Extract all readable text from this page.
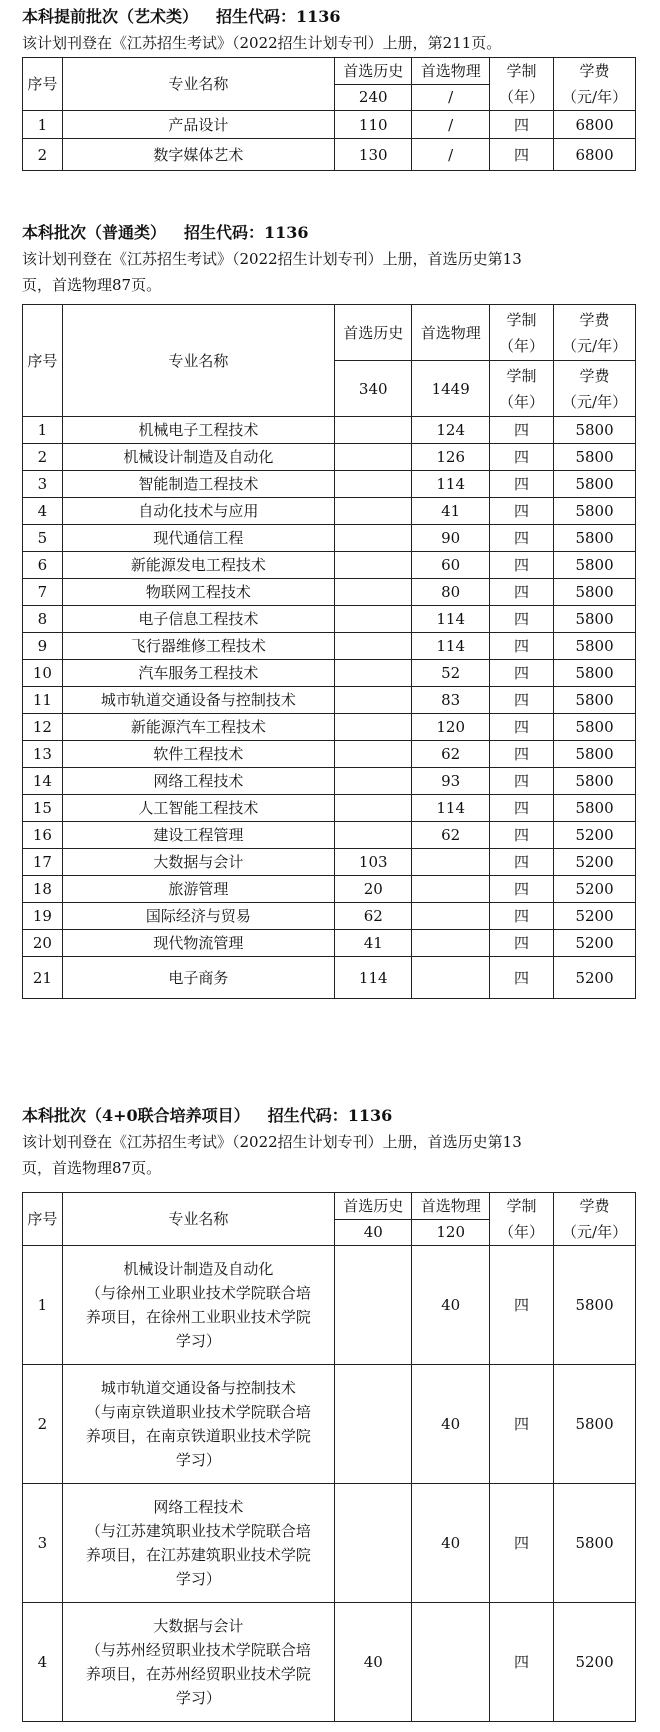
本科提前批次（艺术类） 招生代码：1136
该计划刊登在《江苏招生考试》（2022招生计划专刊）上册，第211页。
序号	专业名称	首选历史	首选物理	学制
（年）	学费
（元/年）

		240	/		
1	产品设计	110	/	四	6800
2	数字媒体艺术	130	/	四	6800
本科批次（普通类） 招生代码：1136
该计划刊登在《江苏招生考试》（2022招生计划专刊）上册，首选历史第13
页，首选物理87页。
序号	专业名称	首选历史	首选物理	学制
（年）	学费
（元/年）

		340	1449	学制
（年）	学费
（元/年）

1	机械电子工程技术		124	四	5800
2	机械设计制造及自动化		126	四	5800
3	智能制造工程技术		114	四	5800
4	自动化技术与应用		41	四	5800
5	现代通信工程		90	四	5800
6	新能源发电工程技术		60	四	5800
7	物联网工程技术		80	四	5800
8	电子信息工程技术		114	四	5800
9	飞行器维修工程技术		114	四	5800
10	汽车服务工程技术		52	四	5800
11	城市轨道交通设备与控制技术		83	四	5800
12	新能源汽车工程技术		120	四	5800
13	软件工程技术		62	四	5800
14	网络工程技术		93	四	5800
15	人工智能工程技术		114	四	5800
16	建设工程管理		62	四	5200
17	大数据与会计	103		四	5200
18	旅游管理	20		四	5200
19	国际经济与贸易	62		四	5200
20	现代物流管理	41		四	5200
21	电子商务	114		四	5200
本科批次（4+0联合培养项目） 招生代码：1136
该计划刊登在《江苏招生考试》（2022招生计划专刊）上册，首选历史第13
页，首选物理87页。
序号	专业名称	首选历史	首选物理	学制
（年）	学费
（元/年）

		40	120		
1	机械设计制造及自动化
（与徐州工业职业技术学院联合培
养项目，在徐州工业职业技术学院
学习）		40	四	5800
2	城市轨道交通设备与控制技术
（与南京铁道职业技术学院联合培
养项目，在南京铁道职业技术学院
学习）		40	四	5800
3	网络工程技术
（与江苏建筑职业技术学院联合培
养项目，在江苏建筑职业技术学院
学习）		40	四	5800
4	大数据与会计
（与苏州经贸职业技术学院联合培
养项目，在苏州经贸职业技术学院
学习）	40		四	5200
